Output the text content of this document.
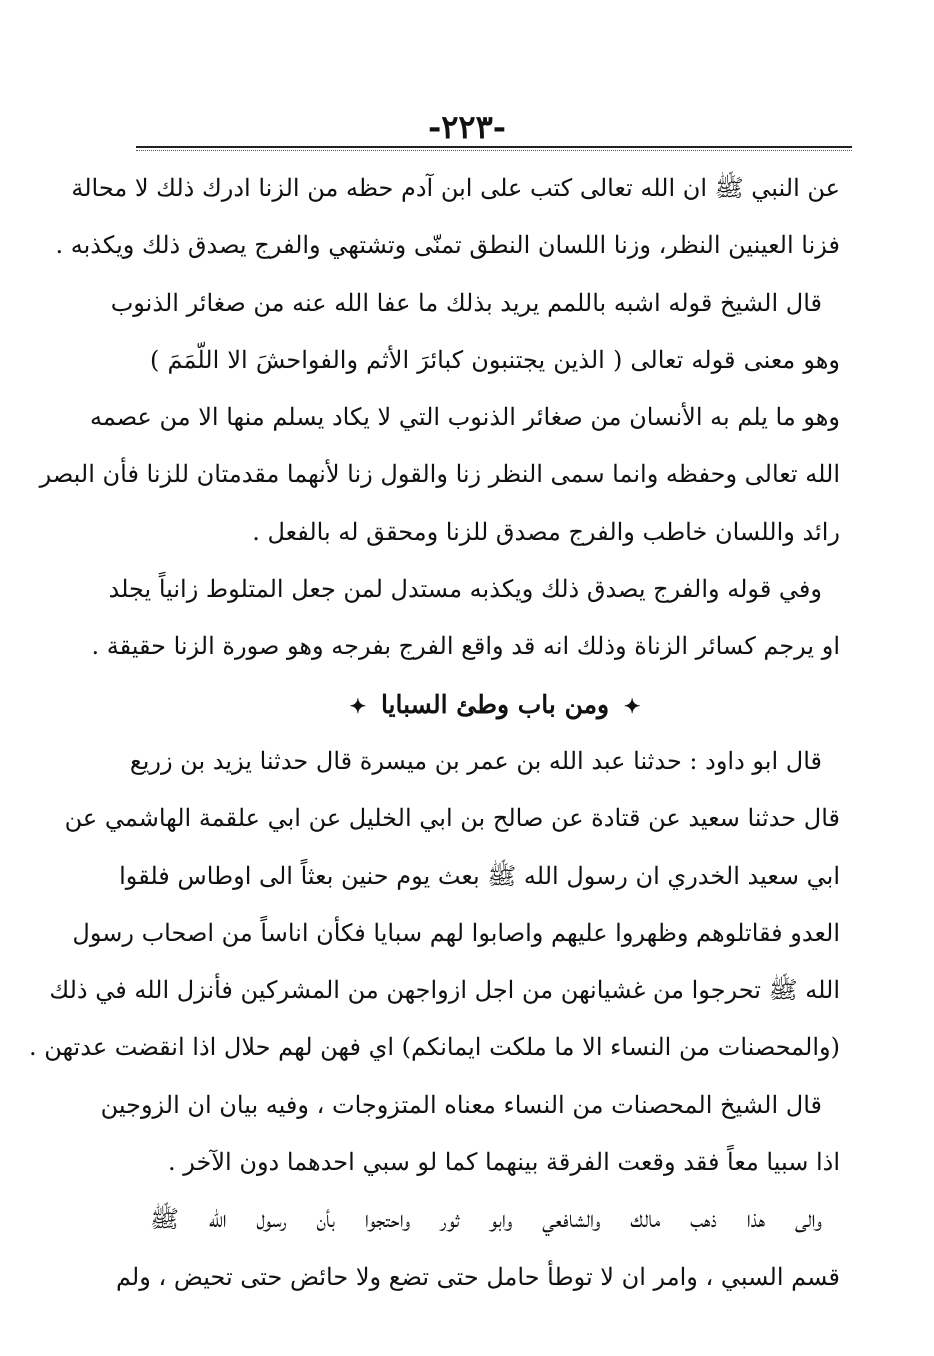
-٢٢٣-
عن النبي ﷺ ان الله تعالى كتب على ابن آدم حظه من الزنا ادرك ذلك لا محالة
فزنا العينين النظر، وزنا اللسان النطق تمنّى وتشتهي والفرج يصدق ذلك ويكذبه .
قال الشيخ قوله اشبه باللمم يريد بذلك ما عفا الله عنه من صغائر الذنوب
وهو معنى قوله تعالى ( الذين يجتنبون كبائرَ الأثم والفواحشَ الا اللّمَمَ )
وهو ما يلم به الأنسان من صغائر الذنوب التي لا يكاد يسلم منها الا من عصمه
الله تعالى وحفظه وانما سمى النظر زنا والقول زنا لأنهما مقدمتان للزنا فأن البصر
رائد واللسان خاطب والفرج مصدق للزنا ومحقق له بالفعل .
وفي قوله والفرج يصدق ذلك ويكذبه مستدل لمن جعل المتلوط زانياً يجلد
او يرجم كسائر الزناة وذلك انه قد واقع الفرج بفرجه وهو صورة الزنا حقيقة .
✦ ومن باب وطئ السبايا ✦
قال ابو داود : حدثنا عبد الله بن عمر بن ميسرة قال حدثنا يزيد بن زريع
قال حدثنا سعيد عن قتادة عن صالح بن ابي الخليل عن ابي علقمة الهاشمي عن
ابي سعيد الخدري ان رسول الله ﷺ بعث يوم حنين بعثاً الى اوطاس فلقوا
العدو فقاتلوهم وظهروا عليهم واصابوا لهم سبايا فكأن اناساً من اصحاب رسول
الله ﷺ تحرجوا من غشيانهن من اجل ازواجهن من المشركين فأنزل الله في ذلك
(والمحصنات من النساء الا ما ملكت ايمانكم) اي فهن لهم حلال اذا انقضت عدتهن .
قال الشيخ المحصنات من النساء معناه المتزوجات ، وفيه بيان ان الزوجين
اذا سبيا معاً فقد وقعت الفرقة بينهما كما لو سبي احدهما دون الآخر .
والى هذا ذهب مالك والشافعي وابو ثور واحتجوا بأن رسول الله ﷺ
قسم السبي ، وامر ان لا توطأ حامل حتى تضع ولا حائض حتى تحيض ، ولم
